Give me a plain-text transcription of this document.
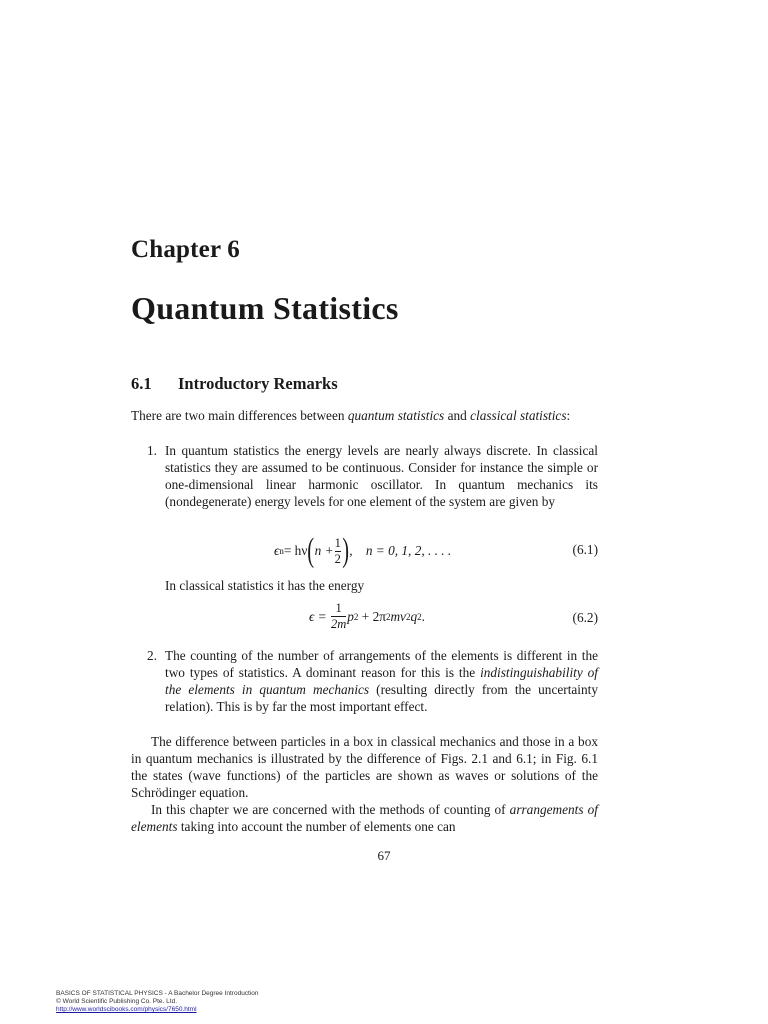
Chapter 6
Quantum Statistics
6.1 Introductory Remarks
There are two main differences between quantum statistics and classical statistics:
1. In quantum statistics the energy levels are nearly always discrete. In classical statistics they are assumed to be continuous. Consider for instance the simple or one-dimensional linear harmonic oscillator. In quantum mechanics its (nondegenerate) energy levels for one element of the system are given by
ϵ n = hν ( $n + \frac{1}{2}$ ) ,    n = 0, 1, 2, . . . .	(6.1)
In classical statistics it has the energy
$\epsilon = \frac{1}{2m}$ p 2 + 2π 2 mν 2 q 2 .	(6.2)
2. The counting of the number of arrangements of the elements is different in the two types of statistics. A dominant reason for this is the indistinguishability of the elements in quantum mechanics (resulting directly from the uncertainty relation). This is by far the most important effect.
The difference between particles in a box in classical mechanics and those in a box in quantum mechanics is illustrated by the difference of Figs. 2.1 and 6.1; in Fig. 6.1 the states (wave functions) of the particles are shown as waves or solutions of the Schrödinger equation.
In this chapter we are concerned with the methods of counting of arrangements of elements taking into account the number of elements one can
67
BASICS OF STATISTICAL PHYSICS - A Bachelor Degree Introduction
© World Scientific Publishing Co. Pte. Ltd.
http://www.worldscibooks.com/physics/7650.html
